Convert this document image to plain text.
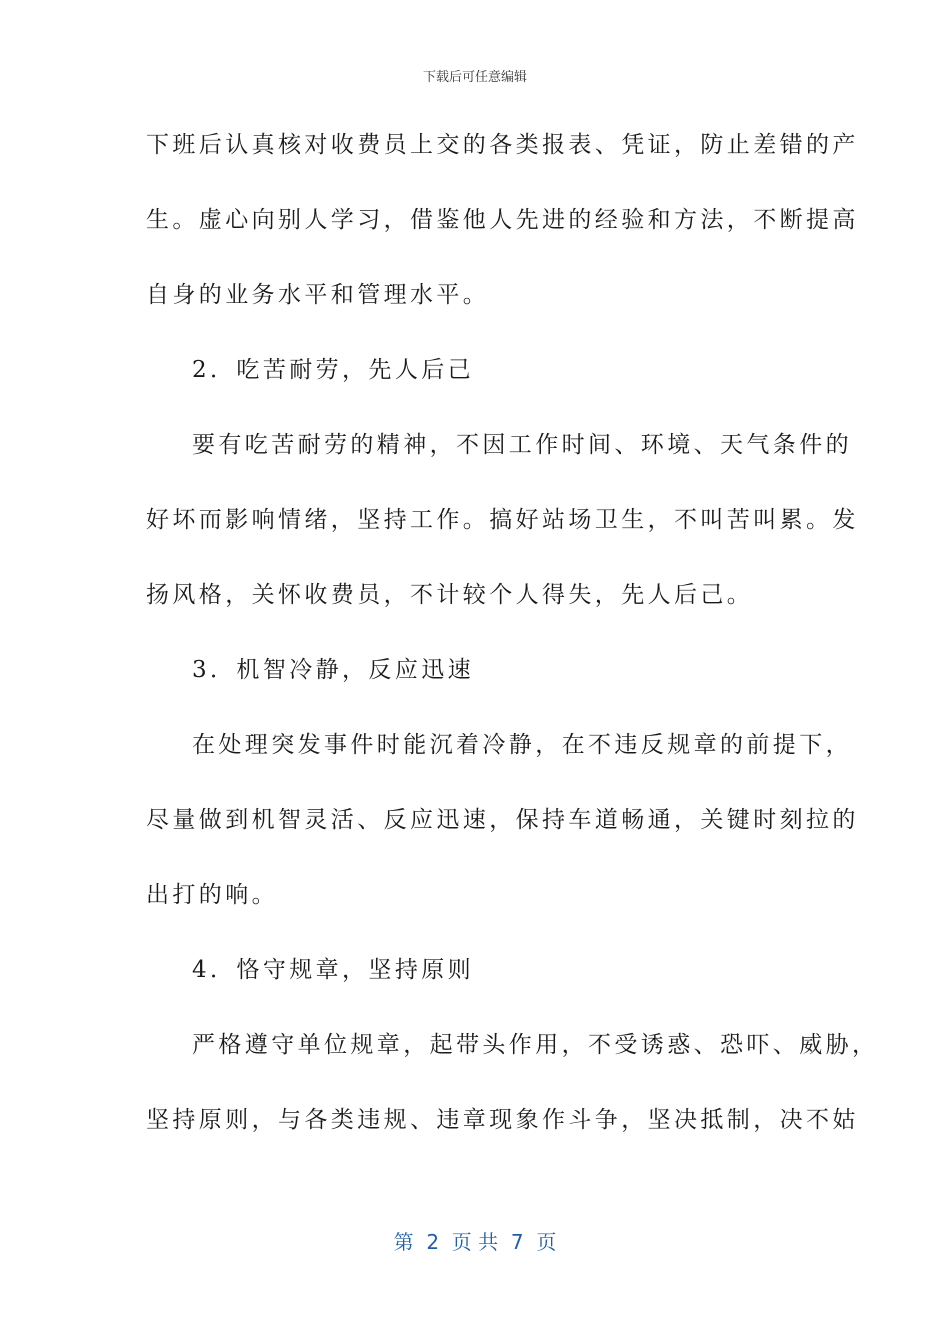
下载后可任意编辑
下班后认真核对收费员上交的各类报表、凭证，防止差错的产
生。虚心向别人学习，借鉴他人先进的经验和方法，不断提高
自身的业务水平和管理水平。
2．吃苦耐劳，先人后己
要有吃苦耐劳的精神，不因工作时间、环境、天气条件的
好坏而影响情绪，坚持工作。搞好站场卫生，不叫苦叫累。发
扬风格，关怀收费员，不计较个人得失，先人后己。
3．机智冷静，反应迅速
在处理突发事件时能沉着冷静，在不违反规章的前提下，
尽量做到机智灵活、反应迅速，保持车道畅通，关键时刻拉的
出打的响。
4．恪守规章，坚持原则
严格遵守单位规章，起带头作用，不受诱惑、恐吓、威胁，
坚持原则，与各类违规、违章现象作斗争，坚决抵制，决不姑
第  2  页 共  7  页
